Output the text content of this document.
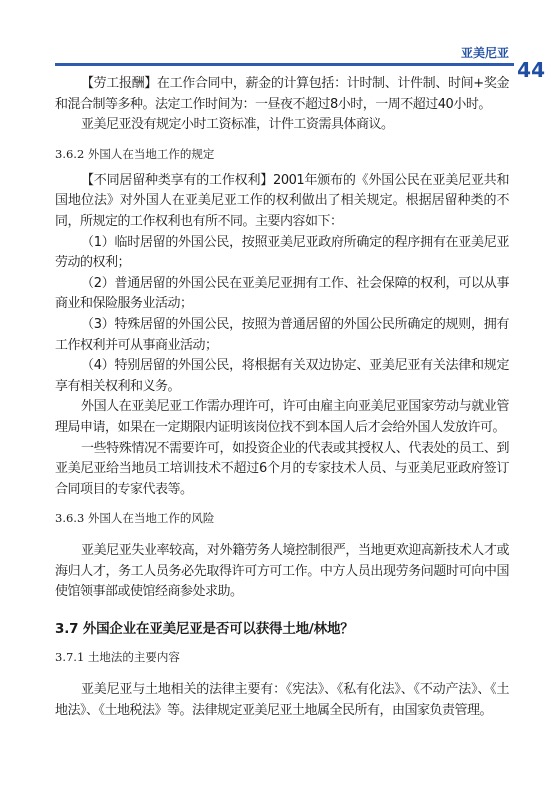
亚美尼亚
44

【劳工报酬】在工作合同中，薪金的计算包括：计时制、计件制、时间+奖金和混合制等多种。法定工作时间为：一昼夜不超过8小时，一周不超过40小时。

亚美尼亚没有规定小时工资标准，计件工资需具体商议。

3.6.2 外国人在当地工作的规定

【不同居留种类享有的工作权利】2001年颁布的《外国公民在亚美尼亚共和国地位法》对外国人在亚美尼亚工作的权利做出了相关规定。根据居留种类的不同，所规定的工作权利也有所不同。主要内容如下：

（1）临时居留的外国公民，按照亚美尼亚政府所确定的程序拥有在亚美尼亚劳动的权利；

（2）普通居留的外国公民在亚美尼亚拥有工作、社会保障的权利，可以从事商业和保险服务业活动；

（3）特殊居留的外国公民，按照为普通居留的外国公民所确定的规则，拥有工作权利并可从事商业活动；

（4）特别居留的外国公民，将根据有关双边协定、亚美尼亚有关法律和规定享有相关权利和义务。

外国人在亚美尼亚工作需办理许可，许可由雇主向亚美尼亚国家劳动与就业管理局申请，如果在一定期限内证明该岗位找不到本国人后才会给外国人发放许可。

一些特殊情况不需要许可，如投资企业的代表或其授权人、代表处的员工、到亚美尼亚给当地员工培训技术不超过6个月的专家技术人员、与亚美尼亚政府签订合同项目的专家代表等。

3.6.3 外国人在当地工作的风险

亚美尼亚失业率较高，对外籍劳务人境控制很严，当地更欢迎高新技术人才或海归人才，务工人员务必先取得许可方可工作。中方人员出现劳务问题时可向中国使馆领事部或使馆经商参处求助。

3.7 外国企业在亚美尼亚是否可以获得土地/林地？
3.7.1 土地法的主要内容

亚美尼亚与土地相关的法律主要有：《宪法》、《私有化法》、《不动产法》、《土地法》、《土地税法》等。法律规定亚美尼亚土地属全民所有，由国家负责管理。
